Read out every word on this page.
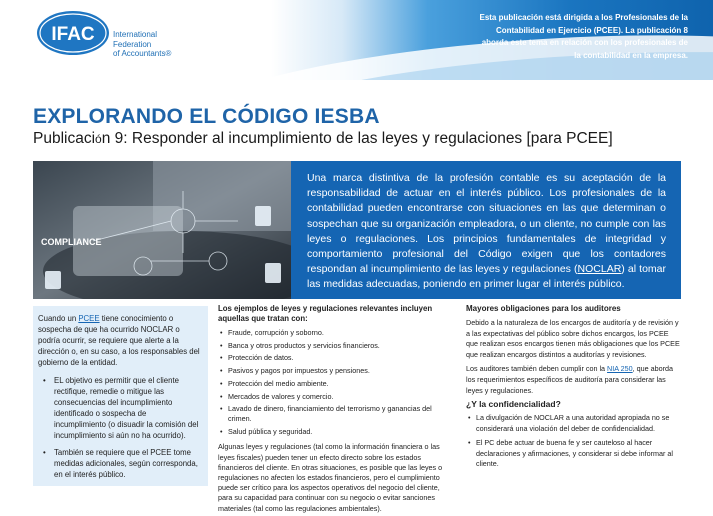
IFAC International
Federation
of Accountants®
Esta publicación está dirigida a los Profesionales de la
Contabilidad en Ejercicio (PCEE). La publicación 8
aborda este tema en relación con los profesionales de
la contabilidad en la empresa.
EXPLORANDO EL CÓDIGO IESBA
Publicación 9: Responder al incumplimiento de las leyes y regulaciones [para PCEE]
COMPLIANCE
Una marca distintiva de la profesión contable es su aceptación de la responsabilidad de actuar en el interés público. Los profesionales de la contabilidad pueden encontrarse con situaciones en las que determinan o sospechan que su organización empleadora, o un cliente, no cumple con las leyes o regulaciones. Los principios fundamentales de integridad y comportamiento profesional del Código exigen que los contadores respondan al incumplimiento de las leyes y regulaciones (NOCLAR) al tomar las medidas adecuadas, poniendo en primer lugar el interés público.

Cuando un PCEE tiene conocimiento o sospecha de que ha ocurrido NOCLAR o podría ocurrir, se requiere que alerte a la dirección o, en su caso, a los responsables del gobierno de la entidad.

• EL objetivo es permitir que el cliente rectifique, remedie o mitigue las consecuencias del incumplimiento identificado o sospecha de incumplimiento (o disuadir la comisión del incumplimiento si aún no ha ocurrido).
• También se requiere que el PCEE tome medidas adicionales, según corresponda, en el interés público.
Los ejemplos de leyes y regulaciones relevantes incluyen aquellas que tratan con:
• Fraude, corrupción y soborno.
• Banca y otros productos y servicios financieros.
• Protección de datos.
• Pasivos y pagos por impuestos y pensiones.
• Protección del medio ambiente.
• Mercados de valores y comercio.
• Lavado de dinero, financiamiento del terrorismo y ganancias del crimen.
• Salud pública y seguridad.

Algunas leyes y regulaciones (tal como la información financiera o las leyes fiscales) pueden tener un efecto directo sobre los estados financieros del cliente. En otras situaciones, es posible que las leyes o regulaciones no afecten los estados financieros, pero el cumplimiento puede ser crítico para los aspectos operativos del negocio del cliente, para su capacidad para continuar con su negocio o evitar sanciones materiales (tal como las regulaciones ambientales).

Mayores obligaciones para los auditores

Debido a la naturaleza de los encargos de auditoría y de revisión y a las expectativas del público sobre dichos encargos, los PCEE que realizan esos encargos tienen más obligaciones que los PCEE que realizan encargos distintos a auditorías y revisiones.

Los auditores también deben cumplir con la NIA 250, que aborda los requerimientos específicos de auditoría para considerar las leyes y regulaciones.

¿Y la confidencialidad?
• La divulgación de NOCLAR a una autoridad apropiada no se considerará una violación del deber de confidencialidad.
• El PC debe actuar de buena fe y ser cauteloso al hacer declaraciones y afirmaciones, y considerar si debe informar al cliente.
